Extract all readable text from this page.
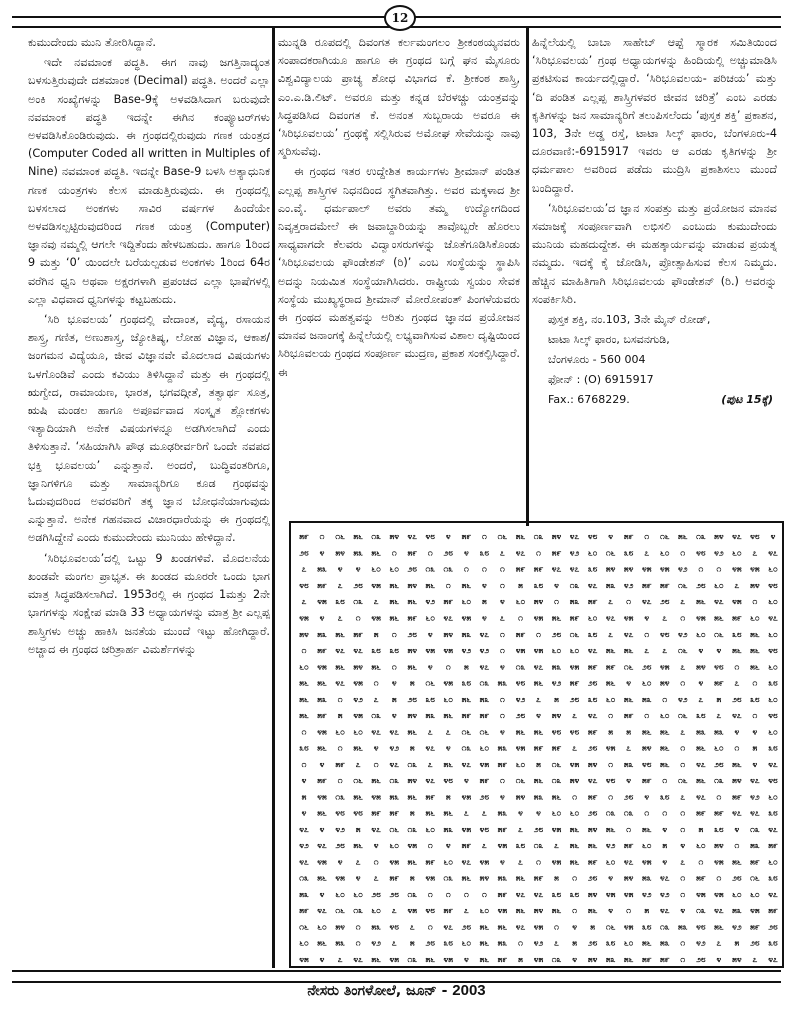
12

ಕುಮುದೇಂದು ಮುನಿ ತೋರಿಸಿದ್ದಾನೆ.

ಇದೇ ನವಮಾಂಕ ಪದ್ಧತಿ. ಈಗ ನಾವು ಜಗತ್ತಿನಾದ್ಯಂತ ಬಳಸುತ್ತಿರುವುದೇ ದಶಮಾಂಕ (Decimal) ಪದ್ಧತಿ. ಅಂದರೆ ಎಲ್ಲಾ ಅಂಕಿ ಸಂಖ್ಯೆಗಳನ್ನು Base-9ಕ್ಕೆ ಅಳವಡಿಸಿದಾಗ ಬರುವುದೇ ನವಮಾಂಕ ಪದ್ಧತಿ ಇದನ್ನೇ ಈಗಿನ ಕಂಪ್ಯೂಟರ್‌ಗಳು ಅಳವಡಿಸಿಕೊಂಡಿರುವುದು. ಈ ಗ್ರಂಥದಲ್ಲಿರುವುದು ಗಣಕ ಯಂತ್ರದ (Computer Coded all written in Multiples of Nine) ನವಮಾಂಕ ಪದ್ಧತಿ. ಇದನ್ನೇ Base-9 ಬಳಸಿ ಅತ್ಯಾಧುನಿಕ ಗಣಕ ಯಂತ್ರಗಳು ಕೆಲಸ ಮಾಡುತ್ತಿರುವುದು. ಈ ಗ್ರಂಥದಲ್ಲಿ ಬಳಸಲಾದ ಅಂಕಗಳು ಸಾವಿರ ವರ್ಷಗಳ ಹಿಂದೆಯೇ ಅಳವಡಿಸಲ್ಪಟ್ಟಿರುವುದರಿಂದ ಗಣಕ ಯಂತ್ರ (Computer) ಜ್ಞಾನವು ನಮ್ಮಲ್ಲಿ ಆಗಲೇ ಇದ್ದಿತೆಂದು ಹೇಳಬಹುದು. ಹಾಗೂ 1ರಿಂದ 9 ಮತ್ತು ‘0’ ಯಿಂದಲೇ ಬರೆಯಲ್ಪಡುವ ಅಂಕಗಳು 1ರಿಂದ 64ರ ವರೆಗಿನ ಧ್ವನಿ ಅಥವಾ ಅಕ್ಷರಗಳಾಗಿ ಪ್ರಪಂಚದ ಎಲ್ಲಾ ಭಾಷೆಗಳಲ್ಲಿ ಎಲ್ಲಾ ವಿಧವಾದ ಧ್ವನಿಗಳನ್ನು ಕಟ್ಟಬಹುದು.

‘ಸಿರಿ ಭೂವಲಯ’ ಗ್ರಂಥದಲ್ಲಿ ವೇದಾಂತ, ವೈದ್ಯ, ರಸಾಯನ ಶಾಸ್ತ್ರ, ಗಣಿತ, ಅಣುಶಾಸ್ತ್ರ, ಜ್ಯೋತಿಷ್ಯ, ಲೋಹ ವಿಜ್ಞಾನ, ಆಕಾಶ/ ಜಂಗಮನ ವಿದ್ಯೆಯೂ, ಜೀವ ವಿಜ್ಞಾನವೇ ಮೊದಲಾದ ವಿಷಯಗಳು ಒಳಗೊಂಡಿವೆ ಎಂದು ಕವಿಯು ತಿಳಿಸಿದ್ದಾನೆ ಮತ್ತು ಈ ಗ್ರಂಥದಲ್ಲಿ ಋಗ್ವೇದ, ರಾಮಾಯಣ, ಭಾರತ, ಭಗವದ್ಗೀತೆ, ತತ್ವಾರ್ಥ ಸೂತ್ರ, ಋಷಿ ಮಂಡಲ ಹಾಗೂ ಅಪೂರ್ವವಾದ ಸಂಸ್ಕೃತ ಶ್ಲೋಕಗಳು ಇತ್ಯಾದಿಯಾಗಿ ಅನೇಕ ವಿಷಯಗಳನ್ನೂ ಅಡಗಿಸಲಾಗಿದೆ ಎಂದು ತಿಳಿಸುತ್ತಾನೆ. ‘ಸಹಿಯಾಗಿಸಿ ಪೌಢ ಮೂಢರೀರ್ವರಿಗೆ ಒಂದೇ ನವಪದ ಭಕ್ತಿ ಭೂವಲಯ’ ಎನ್ನುತ್ತಾನೆ. ಅಂದರೆ, ಬುದ್ಧಿವಂತರಿಗೂ, ಜ್ಞಾನಿಗಳಿಗೂ ಮತ್ತು ಸಾಮಾನ್ಯರಿಗೂ ಕೂಡ ಗ್ರಂಥವನ್ನು ಓದುವುದರಿಂದ ಅವರವರಿಗೆ ತಕ್ಕ ಜ್ಞಾನ ಬೋಧನೆಯಾಗುವುದು ಎನ್ನುತ್ತಾನೆ. ಅನೇಕ ಗಹನವಾದ ವಿಚಾರಧಾರೆಯನ್ನು ಈ ಗ್ರಂಥದಲ್ಲಿ ಅಡಗಿಸಿದ್ದೇನೆ ಎಂದು ಕುಮುದೇಂದು ಮುನಿಯು ಹೇಳಿದ್ದಾನೆ.

‘ಸಿರಿಭೂವಲಯ’ದಲ್ಲಿ ಒಟ್ಟು 9 ಖಂಡಗಳಿವೆ. ಮೊದಲನೆಯ ಖಂಡವೇ ಮಂಗಲ ಪ್ರಾಭೃತ. ಈ ಖಂಡದ ಮೂರರೇ ಒಂದು ಭಾಗ ಮಾತ್ರ ಸಿದ್ಧಪಡಿಸಲಾಗಿದೆ. 1953ರಲ್ಲಿ ಈ ಗ್ರಂಥದ 1ಮತ್ತು 2ನೇ ಭಾಗಗಳನ್ನು ಸಂಕ್ಷೇಪ ಮಾಡಿ 33 ಅಧ್ಯಾಯಗಳನ್ನು ಮಾತ್ರ ಶ್ರೀ ಎಲ್ಲಪ್ಪ ಶಾಸ್ತ್ರಿಗಳು ಅಚ್ಚು ಹಾಕಿಸಿ ಜನತೆಯ ಮುಂದೆ ಇಟ್ಟು ಹೋಗಿದ್ದಾರೆ. ಅಚ್ಚಾದ ಈ ಗ್ರಂಥದ ಚರಿತ್ರಾರ್ಹ ವಿಮರ್ಶೆಗಳನ್ನು

ಮುನ್ನಡಿ ರೂಪದಲ್ಲಿ ದಿವಂಗತ ಕರ್ಲಮಂಗಲಂ ಶ್ರೀಕಂಠಯ್ಯನವರು ಸಂಪಾದಕರಾಗಿಯೂ ಹಾಗೂ ಈ ಗ್ರಂಥದ ಬಗ್ಗೆ ಘನ ಮೈಸೂರು ವಿಶ್ವವಿದ್ಯಾಲಯ ಪ್ರಾಚ್ಯ ಶೋಧ ವಿಭಾಗದ ಕೆ. ಶ್ರೀಕಂಠ ಶಾಸ್ತ್ರಿ, ಎಂ.ಎ.ಡಿ.ಲಿಟ್. ಅವರೂ ಮತ್ತು ಕನ್ನಡ ಬೆರಳಚ್ಚು ಯಂತ್ರವನ್ನು ಸಿದ್ಧಪಡಿಸಿದ ದಿವಂಗತ ಕೆ. ಅನಂತ ಸುಬ್ಬರಾಯ ಅವರೂ ಈ ‘ಸಿರಿಭೂವಲಯ’ ಗ್ರಂಥಕ್ಕೆ ಸಲ್ಲಿಸಿರುವ ಅಮೋಘ ಸೇವೆಯನ್ನು ನಾವು ಸ್ಮರಿಸುವೆವು.

ಈ ಗ್ರಂಥದ ಇತರ ಉದ್ದೇಶಿತ ಕಾರ್ಯಗಳು ಶ್ರೀಮಾನ್ ಪಂಡಿತ ಎಲ್ಲಪ್ಪ ಶಾಸ್ತ್ರಿಗಳ ನಿಧನದಿಂದ ಸ್ಥಗಿತವಾಗಿತ್ತು. ಅವರ ಮಕ್ಕಳಾದ ಶ್ರೀ ಎಂ.ವೈ. ಧರ್ಮಪಾಲ್ ಅವರು ತಮ್ಮ ಉದ್ಯೋಗದಿಂದ ನಿವೃತ್ತರಾದಮೇಲೆ ಈ ಜವಾಬ್ದಾರಿಯನ್ನು ತಾವೊಬ್ಬರೇ ಹೊರಲು ಸಾಧ್ಯವಾಗದೇ ಕೆಲವರು ವಿದ್ವಾಂಸರುಗಳನ್ನು ಜೊತೆಗೂಡಿಸಿಕೊಂಡು ‘ಸಿರಿಭೂವಲಯ ಫೌಂಡೇಶನ್ (ರಿ)’ ಎಂಬ ಸಂಸ್ಥೆಯನ್ನು ಸ್ಥಾಪಿಸಿ ಅದನ್ನು ನಿಯಮಿತ ಸಂಸ್ಥೆಯಾಗಿಸಿದರು. ರಾಷ್ಟ್ರೀಯ ಸ್ವಯಂ ಸೇವಕ ಸಂಸ್ಥೆಯ ಮುಖ್ಯಸ್ಥರಾದ ಶ್ರೀಮಾನ್ ಮೋರೋಪಂತ್ ಪಿಂಗಳೆಯವರು ಈ ಗ್ರಂಥದ ಮಹತ್ವವನ್ನು ಅರಿತು ಗ್ರಂಥದ ಜ್ಞಾನದ ಪ್ರಯೋಜನ ಮಾನವ ಜನಾಂಗಕ್ಕೆ ಹಿನ್ನೆಲೆಯಲ್ಲಿ ಲಭ್ಯವಾಗಿಸುವ ವಿಶಾಲ ದೃಷ್ಟಿಯಿಂದ ಸಿರಿಭೂವಲಯ ಗ್ರಂಥದ ಸಂಪೂರ್ಣ ಮುದ್ರಣ, ಪ್ರಕಾಶ ಸಂಕಲ್ಪಿಸಿದ್ದಾರೆ. ಈ

ಹಿನ್ನೆಲೆಯಲ್ಲಿ ಬಾಬಾ ಸಾಹೇಬ್ ಆಪ್ಟೆ ಸ್ಮಾರಕ ಸಮಿತಿಯಿಂದ ‘ಸಿರಿಭೂವಲಯ’ ಗ್ರಂಥ ಅಧ್ಯಾಯಗಳನ್ನು ಹಿಂದಿಯಲ್ಲಿ ಅಚ್ಚುಮಾಡಿಸಿ ಪ್ರಕಟಿಸುವ ಕಾರ್ಯದಲ್ಲಿದ್ದಾರೆ. ‘ಸಿರಿಭೂವಲಯ- ಪರಿಚಯ’ ಮತ್ತು ‘ದಿ ಪಂಡಿತ ಎಲ್ಲಪ್ಪ ಶಾಸ್ತ್ರಿಗಳವರ ಜೀವನ ಚರಿತ್ರೆ’ ಎಂಬ ಎರಡು ಕೃತಿಗಳನ್ನು ಜನ ಸಾಮಾನ್ಯರಿಗೆ ತಲುಪಿಸಲೆಂದು ‘ಪುಸ್ತಕ ಶಕ್ತಿ’ ಪ್ರಕಾಶನ, 103, 3ನೇ ಅಡ್ಡ ರಸ್ತೆ, ಟಾಟಾ ಸಿಲ್ಕ್ ಫಾರಂ, ಬೆಂಗಳೂರು-4 ದೂರವಾಣಿ:-6915917 ಇವರು ಆ ಎರಡು ಕೃತಿಗಳನ್ನು ಶ್ರೀ ಧರ್ಮಪಾಲ ಅವರಿಂದ ಪಡೆದು ಮುದ್ರಿಸಿ ಪ್ರಕಾಶಿಸಲು ಮುಂದೆ ಬಂದಿದ್ದಾರೆ.

‘ಸಿರಿಭೂವಲಯ’ದ ಜ್ಞಾನ ಸಂಪತ್ತು ಮತ್ತು ಪ್ರಯೋಜನ ಮಾನವ ಸಮಾಜಕ್ಕೆ ಸಂಪೂರ್ಣವಾಗಿ ಲಭಿಸಲಿ ಎಂಬುದು ಕುಮುದೇಂದು ಮುನಿಯ ಮಹದುದ್ದೇಶ. ಈ ಮಹತ್ಕಾರ್ಯವನ್ನು ಮಾಡುವ ಪ್ರಯತ್ನ ನಮ್ಮದು. ಇದಕ್ಕೆ ಕೈ ಜೋಡಿಸಿ, ಪ್ರೋತ್ಸಾಹಿಸುವ ಕೆಲಸ ನಿಮ್ಮದು. ಹೆಚ್ಚಿನ ಮಾಹಿತಿಗಾಗಿ ಸಿರಿಭೂವಲಯ ಫೌಂಡೇಶನ್ (ರಿ.) ಅವರನ್ನು ಸಂಪರ್ಕಿಸಿರಿ.

ಪುಸ್ತಕ ಶಕ್ತಿ, ನಂ.103, 3ನೇ ಮೈನ್ ರೋಡ್,

ಟಾಟಾ ಸಿಲ್ಕ್ ಫಾರಂ, ಬಸವನಗುಡಿ,

ಬೆಂಗಳೂರು - 560 004

ಫೋನ್ : (O) 6915917

Fax.: 6768229.	(ಪುಟ 15ಕ್ಕೆ)

೫೯ ೧ ೧೬ ೫೬ ೧೩ ೫೪ ೪೭ ೪೮ ೪ ೫೯ ೧ ೧೬ ೫೬ ೧೩ ೫೪ ೪೭ ೪೮ ೪ ೫೯ ೧ ೧೬ ೫೬ ೧೩ ೫೪ ೪೭ ೪೮ ೪
೨೮ ೪ ೫೪ ೫೩ ೫೬ ೧ ೫೯ ೧ ೨೮ ೪ ೩೮ ೭ ೪೭ ೧ ೫೯ ೪೨ ೬೦ ೧೬ ೩೮ ೭ ೬೦ ೧ ೪೮ ೪೨ ೬೦ ೭ ೪೭
೭ ೫೩ ೪ ೪ ೬೦ ೬೦ ೨೮ ೧೩ ೧೩ ೧ ೧ ೧ ೫೯ ೫೯ ೪೭ ೪೭ ೩೮ ೫೪ ೫೪ ೪೫ ೪೫ ೪೨ ೧ ೧ ೪೫ ೪೫ ೬೦
೪೮ ೫೯ ೭ ೨೮ ೪೫ ೫೬ ೫೪ ೫೬ ೧ ೫೬ ೪ ೧ ೫ ೩೮ ೪ ೧೩ ೪೭ ೫೩ ೪೨ ೫೯ ೫೯ ೧೬ ೨೮ ೬೦ ೭ ೫೪ ೪೮
೭ ೪೫ ೩೮ ೧೩ ೭ ೫೬ ೫೬ ೪೨ ೫೯ ೬೦ ೫ ೪ ೬೦ ೫೪ ೧ ೫೩ ೫೯ ೭ ೧ ೪೭ ೨೮ ೭ ೫೬ ೪೭ ೪೫ ೧ ೬೦
೪೫ ೪ ೭ ೧ ೪೫ ೫೬ ೫೯ ೬೦ ೪೭ ೪೫ ೪ ೭ ೧ ೪೫ ೫೬ ೫೯ ೬೦ ೪೭ ೪೫ ೪ ೭ ೧ ೪೫ ೫೬ ೫೯ ೬೦ ೪೭
೫೪ ೫೩ ೫೬ ೫೯ ೫ ೧ ೨೮ ೪ ೫೪ ೫೩ ೪೭ ೧ ೫೯ ೧ ೨೮ ೧೬ ೩೮ ೭ ೪೭ ೧ ೪೮ ೪೨ ೬೦ ೧೬ ೩೮ ೫೬ ೬೦
೧ ೫೯ ೪೭ ೪೭ ೩೮ ೩೮ ೫೪ ೪೫ ೪೫ ೪೨ ೪೨ ೧ ೪೫ ೪೫ ೬೦ ೬೦ ೪೭ ೫೬ ೫೬ ೭ ೭ ೧೬ ೪ ೪ ೫೬ ೫೬ ೪೮
೬೦ ೪೫ ೫೬ ೫೪ ೫೬ ೧ ೫೬ ೪ ೧ ೫ ೪೭ ೪ ೧೩ ೪೭ ೫೩ ೪೫ ೫೯ ೫೯ ೧೬ ೨೮ ೪೫ ೭ ೫೪ ೪೮ ೧ ೫೬ ೬೦
೫೬ ೫೬ ೪೭ ೪೫ ೧ ೪ ೫ ೧೬ ೪೫ ೩೮ ೧೩ ೫೩ ೪೮ ೫೬ ೪೨ ೫೯ ೨೮ ೫೬ ೪ ೬೦ ೫೪ ೧ ೪ ೫೯ ೭ ೧ ೩೮
೫೬ ೫೩ ೧ ೪೨ ೭ ೫ ೨೮ ೩೮ ೬೦ ೫೬ ೫೩ ೧ ೪೨ ೭ ೫ ೨೮ ೩೮ ೬೦ ೫೬ ೫೩ ೧ ೪೨ ೭ ೫ ೨೮ ೩೮ ೬೦
೫೬ ೫೯ ೫ ೪೫ ೧೩ ೪ ೫೪ ೫೩ ೫೬ ೫೯ ೫೯ ೧ ೨೮ ೪ ೫೪ ೭ ೪೭ ೧ ೫೯ ೧ ೬೦ ೧೬ ೩೮ ೭ ೪೭ ೧ ೪೮
೧ ೪೫ ೬೦ ೬೦ ೪೭ ೪೭ ೫೬ ೭ ೭ ೧೬ ೧೬ ೪ ೫೬ ೫೬ ೪೮ ೪೮ ೫೯ ೫ ೫ ೫೬ ೫೬ ೭ ೫೩ ೫೩ ೪ ೪ ೬೦
೩೮ ೫೬ ೧ ೫೬ ೪ ೪೨ ೫ ೪೭ ೪ ೧೩ ೬೦ ೫೩ ೪೫ ೫೯ ೫೯ ೭ ೨೮ ೪೫ ೭ ೫೪ ೫೬ ೧ ೫೬ ೬೦ ೧ ೫ ೩೮
೧ ೪ ೫೯ ೭ ೧ ೪೭ ೧೩ ೭ ೫೬ ೪೭ ೪೫ ೫೯ ೬೦ ೫ ೧೬ ೪೫ ೫೪ ೧ ೫೩ ೪೮ ೫೬ ೧ ೪೭ ೨೮ ೫೬ ೪ ೪೭
೪ ೫೯ ೧ ೧೬ ೫೬ ೧೩ ೫೪ ೪೭ ೪೮ ೪ ೫೯ ೧ ೧೬ ೫೬ ೧೩ ೫೪ ೪೭ ೪೮ ೪ ೫೯ ೧ ೧೬ ೫೬ ೧೩ ೫೪ ೪೭ ೪೮
೫ ೪೫ ೧೩ ೫೬ ೪೫ ೫೩ ೫೬ ೫೯ ೫ ೪೫ ೨೮ ೪ ೫೪ ೫೩ ೫೬ ೧ ೫೯ ೧ ೨೮ ೪ ೩೮ ೭ ೪೭ ೧ ೫೯ ೪೨ ೬೦
೪ ೫೬ ೪೮ ೪೮ ೫೯ ೫೯ ೫ ೫೬ ೫೬ ೭ ೭ ೫೩ ೪ ೪ ೬೦ ೬೦ ೨೮ ೧೩ ೧೩ ೧ ೧ ೧ ೫೯ ೫೯ ೪೭ ೪೭ ೩೮
೪೭ ೪ ೪೨ ೫ ೪೭ ೧೬ ೧೩ ೬೦ ೫೩ ೪೫ ೪೮ ೫೯ ೭ ೨೮ ೪೫ ೫೬ ೫೪ ೫೬ ೧ ೫೬ ೪ ೧ ೫ ೩೮ ೪ ೧೩ ೪೭
೪೨ ೪೭ ೨೮ ೫೬ ೪ ೬೦ ೪೫ ೧ ೪ ೫೯ ೭ ೪೫ ೩೮ ೧೩ ೭ ೫೬ ೫೬ ೪೨ ೫೯ ೬೦ ೫ ೪ ೬೦ ೫೪ ೧ ೫೩ ೫೯
೪೭ ೪೫ ೪ ೭ ೧ ೪೫ ೫೬ ೫೯ ೬೦ ೪೭ ೪೫ ೪ ೭ ೧ ೪೫ ೫೬ ೫೯ ೬೦ ೪೭ ೪೫ ೪ ೭ ೧ ೪೫ ೫೬ ೫೯ ೬೦
೧೩ ೫೬ ೪೫ ೪ ೭ ೫೯ ೫ ೪೫ ೧೩ ೫೬ ೫೪ ೫೩ ೫೬ ೫೯ ೫ ೧ ೨೮ ೪ ೫೪ ೫೩ ೪೭ ೧ ೫೯ ೧ ೨೮ ೧೬ ೩೮
೫೩ ೪ ೬೦ ೬೦ ೨೮ ೨೮ ೧೩ ೧ ೧ ೧ ೧ ೫೯ ೪೭ ೪೭ ೩೮ ೩೮ ೫೪ ೪೫ ೪೫ ೪೨ ೪೨ ೧ ೪೫ ೪೫ ೬೦ ೬೦ ೪೭
೫೯ ೪೭ ೧೬ ೧೩ ೬೦ ೭ ೪೫ ೪೮ ೫೯ ೭ ೬೦ ೪೫ ೫೬ ೫೪ ೫೬ ೧ ೫೬ ೪ ೧ ೫ ೪೭ ೪ ೧೩ ೪೭ ೫೩ ೪೫ ೫೯
೧೬ ೬೦ ೫೪ ೧ ೫೩ ೪೮ ೭ ೧ ೪೭ ೨೮ ೫೬ ೫೬ ೪೭ ೪೫ ೧ ೪ ೫ ೧೬ ೪೫ ೩೮ ೧೩ ೫೩ ೪೮ ೫೬ ೪೨ ೫೯ ೨೮
೬೦ ೫೬ ೫೩ ೧ ೪೨ ೭ ೫ ೨೮ ೩೮ ೬೦ ೫೬ ೫೩ ೧ ೪೨ ೭ ೫ ೨೮ ೩೮ ೬೦ ೫೬ ೫೩ ೧ ೪೨ ೭ ೫ ೨೮ ೩೮
೪೫ ೪ ೭ ೪೭ ೫೬ ೪೫ ೧೩ ೫೬ ೪೫ ೪ ೫೬ ೫೯ ೫ ೪೫ ೧೩ ೪ ೫೪ ೫೩ ೫೬ ೫೯ ೫೯ ೧ ೨೮ ೪ ೫೪ ೭ ೪೭
ನೇಸರು ತಿಂಗಳೋಲೆ, ಜೂನ್ - 2003
